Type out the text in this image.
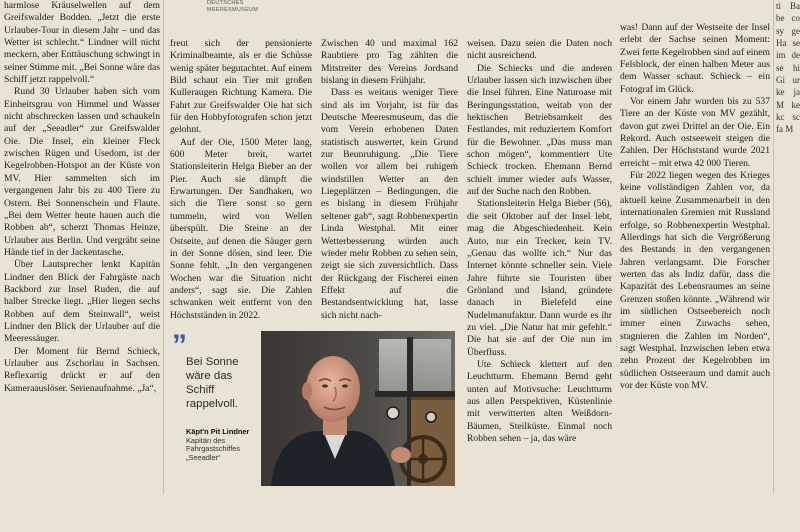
DEUTSCHES MEERESMUSEUM

harmlose Kräuselwellen auf dem Greifswalder Bodden. „Jetzt die erste Urlauber-Tour in diesem Jahr – und das Wetter ist schlecht.“ Lindner will nicht meckern, aber Enttäuschung schwingt in seiner Stimme mit. „Bei Sonne wäre das Schiff jetzt rappelvoll.“

Rund 30 Urlauber haben sich vom Einheitsgrau von Himmel und Wasser nicht abschrecken lassen und schaukeln auf der „Seeadler“ zur Greifswalder Oie. Die Insel, ein kleiner Fleck zwischen Rügen und Usedom, ist der Kegelrobben-Hotspot an der Küste von MV. Hier sammelten sich im vergangenen Jahr bis zu 400 Tiere zu Ostern. Bei Sonnenschein und Flaute. „Bei dem Wetter heute hauen auch die Robben ab“, scherzt Thomas Heinze, Urlauber aus Berlin. Und vergräbt seine Hände tief in der Jackentasche.

Über Lautsprecher lenkt Kapitän Lindner den Blick der Fahrgäste nach Backbord zur Insel Ruden, die auf halber Strecke liegt. „Hier liegen sechs Robben auf dem Steinwall“, weist Lindner den Blick der Urlauber auf die Meeressäuger.

Der Moment für Bernd Schieck, Urlauber aus Zschorlau in Sachsen. Reflexartig drückt er auf den Kameraauslöser. Serienaufnahme. „Ja“,

freut sich der pensionierte Kriminalbeamte, als er die Schüsse wenig später begutachtet. Auf einem Bild schaut ein Tier mit großen Kulleraugen Richtung Kamera. Die Fahrt zur Greifswalder Oie hat sich für den Hobbyfotografen schon jetzt gelohnt.

Auf der Oie, 1500 Meter lang, 600 Meter breit, wartet Stationsleiterin Helga Bieber an der Pier. Auch sie dämpft die Erwartungen. Der Sandhaken, wo sich die Tiere sonst so gern tummeln, wird von Wellen überspült. Die Steine an der Ostseite, auf denen die Säuger gern in der Sonne dösen, sind leer. Die Sonne fehlt. „In den vergangenen Wochen war die Situation nicht anders“, sagt sie. Die Zahlen schwanken weit entfernt von den Höchstständen in 2022.

Zwischen 40 und maximal 162 Raubtiere pro Tag zählten die Mitstreiter des Vereins Jordsand bislang in diesem Frühjahr.

Dass es weitaus weniger Tiere sind als im Vorjahr, ist für das Deutsche Meeresmuseum, das die vom Verein erhobenen Daten statistisch auswertet, kein Grund zur Beunruhigung. „Die Tiere wollen vor allem bei ruhigem windstillen Wetter an den Liegeplätzen – Bedingungen, die es bislang in diesem Frühjahr seltener gab“, sagt Robbenexpertin Linda Westphal. Mit einer Wetterbesserung würden auch wieder mehr Robben zu sehen sein, zeigt sie sich zuversichtlich. Dass der Rückgang der Fischerei einen Effekt auf die Bestandsentwicklung hat, lasse sich nicht nach-

weisen. Dazu seien die Daten noch nicht ausreichend.

Die Schiecks und die anderen Urlauber lassen sich inzwischen über die Insel führen. Eine Naturoase mit Beringungsstation, weitab von der hektischen Betriebsamkeit des Festlandes, mit reduziertem Komfort für die Bewohner. „Das muss man schon mögen“, kommentiert Ute Schieck trocken. Ehemann Bernd schielt immer wieder aufs Wasser, auf der Suche nach den Robben.

Stationsleiterin Helga Bieber (56), die seit Oktober auf der Insel lebt, mag die Abgeschiedenheit. Kein Auto, nur ein Trecker, kein TV. „Genau das wollte ich.“ Nur das Internet könnte schneller sein. Viele Jahre führte sie Touristen über Grönland und Island, gründete danach in Bielefeld eine Nudelmanufaktur. Dann wurde es ihr zu viel. „Die Natur hat mir gefehlt.“ Die hat sie auf der Oie nun im Überfluss.

Ute Schieck klettert auf den Leuchtturm. Ehemann Bernd geht unten auf Motivsuche: Leuchtturm aus allen Perspektiven, Küstenlinie mit verwitterten alten Weißdorn-Bäumen, Steilküste. Einmal noch Robben sehen – ja, das wäre

was! Dann auf der Westseite der Insel erlebt der Sachse seinen Moment: Zwei fette Kegelrobben sind auf einem Felsblock, der einen halben Meter aus dem Wasser schaut. Schieck – ein Fotograf im Glück.

Vor einem Jahr wurden bis zu 537 Tiere an der Küste von MV gezählt, davon gut zwei Drittel an der Oie. Ein Rekord. Auch ostseeweit steigen die Zahlen. Der Höchststand wurde 2021 erreicht – mit etwa 42 000 Tieren.

Für 2022 liegen wegen des Krieges keine vollständigen Zahlen vor, da aktuell keine Zusammenarbeit in den internationalen Gremien mit Russland erfolge, so Robbenexpertin Westphal. Allerdings hat sich die Vergrößerung des Bestands in den vergangenen Jahren verlangsamt. Die Forscher werten das als Indiz dafür, dass die Kapazität des Lebensraumes an seine Grenzen stoßen könnte. „Während wir im südlichen Ostseebereich noch immer einen Zuwachs sehen, stagnieren die Zahlen im Norden“, sagt Westphal. Inzwischen leben etwa zehn Prozent der Kegelrobben im südlichen Ostseeraum und damit auch vor der Küste von MV.

ti Ba be co sy ge Ha se im de se hi Gi ur ke ja M ke kc sc fa M
” Bei Sonne wäre das Schiff rappelvoll.
Käpt'n Pit Lindner
Kapitän des Fahrgastschiffes „Seeadler“
